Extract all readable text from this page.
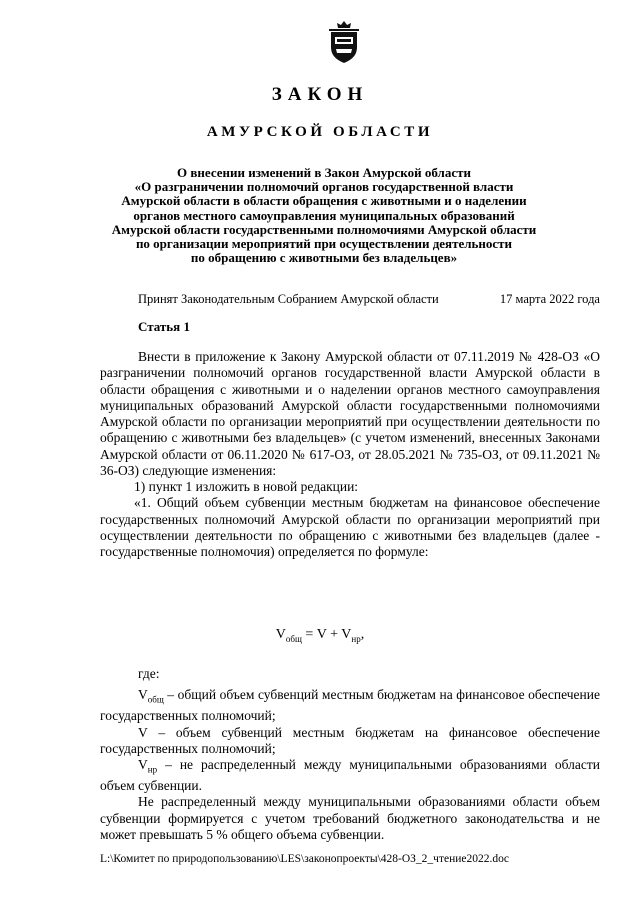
ЗАКОН
АМУРСКОЙ ОБЛАСТИ
О внесении изменений в Закон Амурской области
«О разграничении полномочий органов государственной власти
Амурской области в области обращения с животными и о наделении
органов местного самоуправления муниципальных образований
Амурской области государственными полномочиями Амурской области
по организации мероприятий при осуществлении деятельности
по обращению с животными без владельцев»
Принят Законодательным Собранием Амурской области	17 марта 2022 года
Статья 1

Внести в приложение к Закону Амурской области от 07.11.2019 № 428-ОЗ «О разграничении полномочий органов государственной власти Амурской области в области обращения с животными и о наделении органов местного самоуправления муниципальных образований Амурской области государственными полномочиями Амурской области по организации мероприятий при осуществлении деятельности по обращению с животными без владельцев» (с учетом изменений, внесенных Законами Амурской области от 06.11.2020 № 617-ОЗ, от 28.05.2021 № 735-ОЗ, от 09.11.2021 № 36-ОЗ) следующие изменения:

1) пункт 1 изложить в новой редакции:

«1. Общий объем субвенции местным бюджетам на финансовое обеспечение государственных полномочий Амурской области по организации мероприятий при осуществлении деятельности по обращению с животными без владельцев (далее - государственные полномочия) определяется по формуле:

$V_{общ} = V + V_{нр}$,

где:

$V_{общ}$ – общий объем субвенций местным бюджетам на финансовое обеспечение государственных полномочий;

V – объем субвенций местным бюджетам на финансовое обеспечение государственных полномочий;

$V_{нр}$ – не распределенный между муниципальными образованиями области объем субвенции.

Не распределенный между муниципальными образованиями области объем субвенции формируется с учетом требований бюджетного законодательства и не может превышать 5 % общего объема субвенции.

L:\Комитет по природопользованию\LES\законопроекты\428-ОЗ_2_чтение2022.doc
